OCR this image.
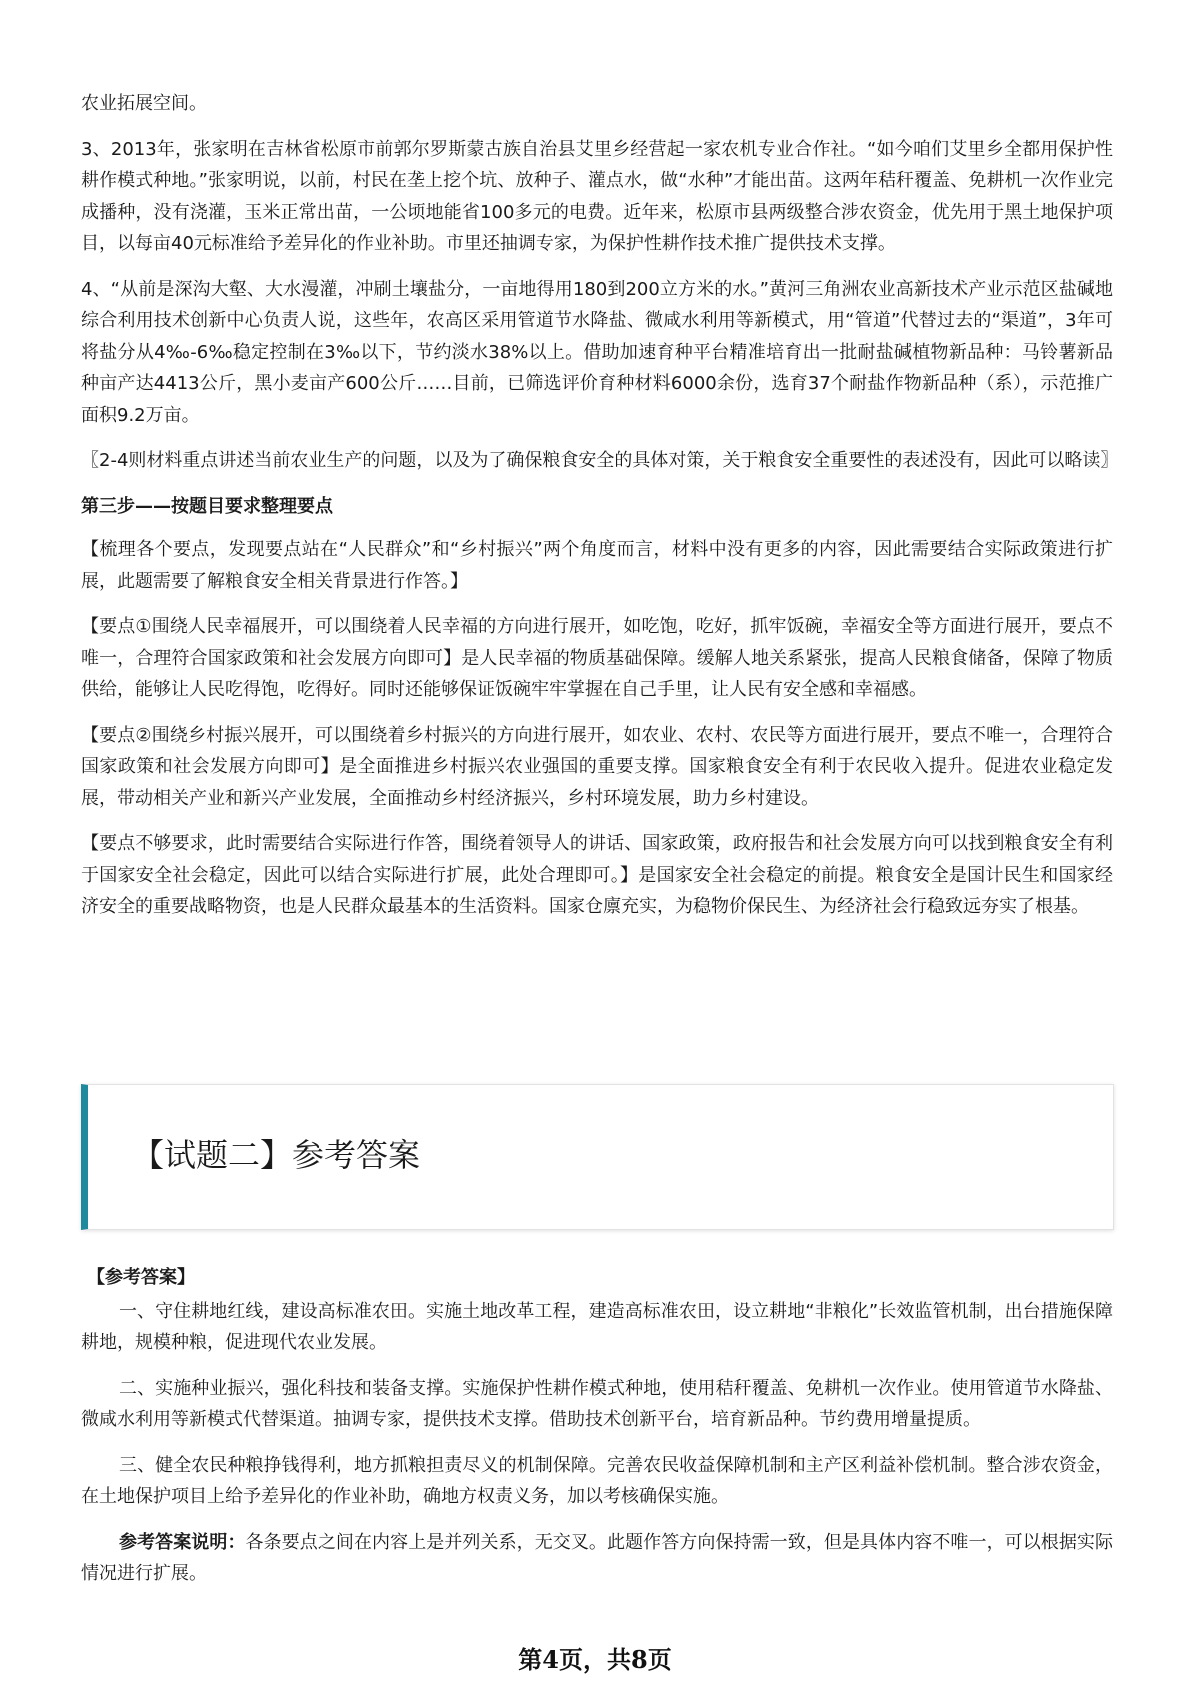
农业拓展空间。

3、2013年，张家明在吉林省松原市前郭尔罗斯蒙古族自治县艾里乡经营起一家农机专业合作社。“如今咱们艾里乡全都用保护性耕作模式种地。”张家明说，以前，村民在垄上挖个坑、放种子、灌点水，做“水种”才能出苗。这两年秸秆覆盖、免耕机一次作业完成播种，没有浇灌，玉米正常出苗，一公顷地能省100多元的电费。近年来，松原市县两级整合涉农资金，优先用于黑土地保护项目，以每亩40元标准给予差异化的作业补助。市里还抽调专家，为保护性耕作技术推广提供技术支撑。

4、“从前是深沟大壑、大水漫灌，冲刷土壤盐分，一亩地得用180到200立方米的水。”黄河三角洲农业高新技术产业示范区盐碱地综合利用技术创新中心负责人说，这些年，农高区采用管道节水降盐、微咸水利用等新模式，用“管道”代替过去的“渠道”，3年可将盐分从4‰-6‰稳定控制在3‰以下，节约淡水38%以上。借助加速育种平台精准培育出一批耐盐碱植物新品种：马铃薯新品种亩产达4413公斤，黑小麦亩产600公斤……目前，已筛选评价育种材料6000余份，选育37个耐盐作物新品种（系），示范推广面积9.2万亩。

〖2-4则材料重点讲述当前农业生产的问题，以及为了确保粮食安全的具体对策，关于粮食安全重要性的表述没有，因此可以略读〗

第三步——按题目要求整理要点

【梳理各个要点，发现要点站在“人民群众”和“乡村振兴”两个角度而言，材料中没有更多的内容，因此需要结合实际政策进行扩展，此题需要了解粮食安全相关背景进行作答。】

【要点①围绕人民幸福展开，可以围绕着人民幸福的方向进行展开，如吃饱，吃好，抓牢饭碗，幸福安全等方面进行展开，要点不唯一，合理符合国家政策和社会发展方向即可】是人民幸福的物质基础保障。缓解人地关系紧张，提高人民粮食储备，保障了物质供给，能够让人民吃得饱，吃得好。同时还能够保证饭碗牢牢掌握在自己手里，让人民有安全感和幸福感。

【要点②围绕乡村振兴展开，可以围绕着乡村振兴的方向进行展开，如农业、农村、农民等方面进行展开，要点不唯一，合理符合国家政策和社会发展方向即可】是全面推进乡村振兴农业强国的重要支撑。国家粮食安全有利于农民收入提升。促进农业稳定发展，带动相关产业和新兴产业发展，全面推动乡村经济振兴，乡村环境发展，助力乡村建设。

【要点不够要求，此时需要结合实际进行作答，围绕着领导人的讲话、国家政策，政府报告和社会发展方向可以找到粮食安全有利于国家安全社会稳定，因此可以结合实际进行扩展，此处合理即可。】是国家安全社会稳定的前提。粮食安全是国计民生和国家经济安全的重要战略物资，也是人民群众最基本的生活资料。国家仓廪充实，为稳物价保民生、为经济社会行稳致远夯实了根基。

【试题二】参考答案

【参考答案】

一、守住耕地红线，建设高标准农田。实施土地改革工程，建造高标准农田，设立耕地“非粮化”长效监管机制，出台措施保障耕地，规模种粮，促进现代农业发展。

二、实施种业振兴，强化科技和装备支撑。实施保护性耕作模式种地，使用秸秆覆盖、免耕机一次作业。使用管道节水降盐、微咸水利用等新模式代替渠道。抽调专家，提供技术支撑。借助技术创新平台，培育新品种。节约费用增量提质。

三、健全农民种粮挣钱得利，地方抓粮担责尽义的机制保障。完善农民收益保障机制和主产区利益补偿机制。整合涉农资金，在土地保护项目上给予差异化的作业补助，确地方权责义务，加以考核确保实施。

参考答案说明：各条要点之间在内容上是并列关系，无交叉。此题作答方向保持需一致，但是具体内容不唯一，可以根据实际情况进行扩展。

第4页，共8页
